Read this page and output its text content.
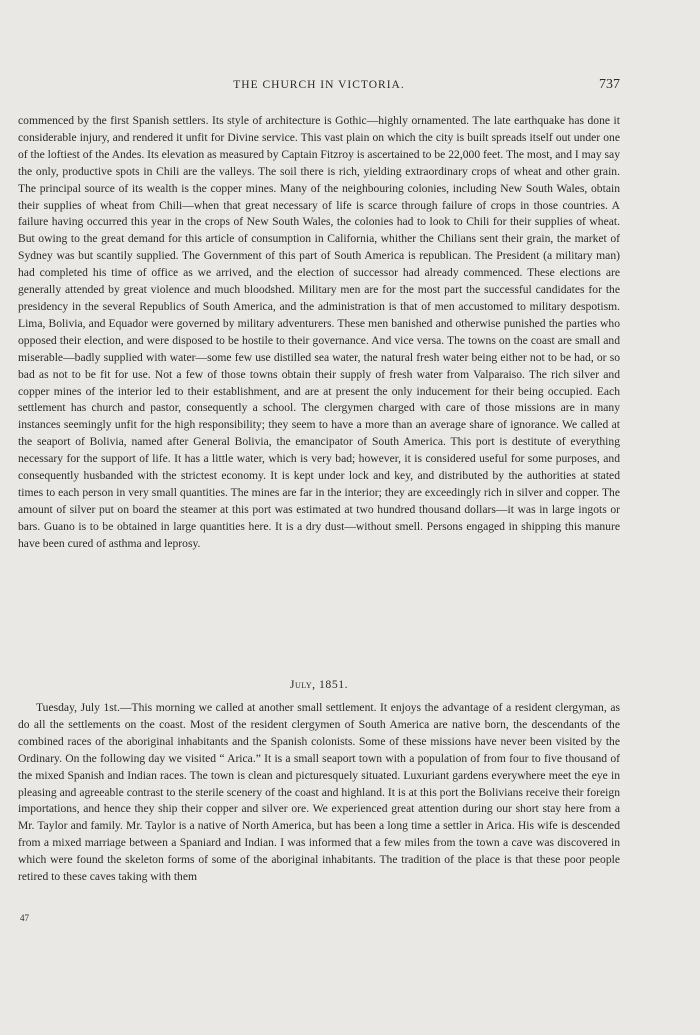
THE CHURCH IN VICTORIA.	737

commenced by the first Spanish settlers. Its style of architecture is Gothic—highly ornamented. The late earthquake has done it considerable injury, and rendered it unfit for Divine service. This vast plain on which the city is built spreads itself out under one of the loftiest of the Andes. Its elevation as measured by Captain Fitzroy is ascertained to be 22,000 feet. The most, and I may say the only, productive spots in Chili are the valleys. The soil there is rich, yielding extraordinary crops of wheat and other grain. The principal source of its wealth is the copper mines. Many of the neighbouring colonies, including New South Wales, obtain their supplies of wheat from Chili—when that great necessary of life is scarce through failure of crops in those countries. A failure having occurred this year in the crops of New South Wales, the colonies had to look to Chili for their supplies of wheat. But owing to the great demand for this article of consumption in California, whither the Chilians sent their grain, the market of Sydney was but scantily supplied. The Government of this part of South America is republican. The President (a military man) had completed his time of office as we arrived, and the election of successor had already commenced. These elections are generally attended by great violence and much bloodshed. Military men are for the most part the successful candidates for the presidency in the several Republics of South America, and the administration is that of men accustomed to military despotism. Lima, Bolivia, and Equador were governed by military adventurers. These men banished and otherwise punished the parties who opposed their election, and were disposed to be hostile to their governance. And vice versa. The towns on the coast are small and miserable—badly supplied with water—some few use distilled sea water, the natural fresh water being either not to be had, or so bad as not to be fit for use. Not a few of those towns obtain their supply of fresh water from Valparaiso. The rich silver and copper mines of the interior led to their establishment, and are at present the only inducement for their being occupied. Each settlement has church and pastor, consequently a school. The clergymen charged with care of those missions are in many instances seemingly unfit for the high responsibility; they seem to have a more than an average share of ignorance. We called at the seaport of Bolivia, named after General Bolivia, the emancipator of South America. This port is destitute of everything necessary for the support of life. It has a little water, which is very bad; however, it is considered useful for some purposes, and consequently husbanded with the strictest economy. It is kept under lock and key, and distributed by the authorities at stated times to each person in very small quantities. The mines are far in the interior; they are exceedingly rich in silver and copper. The amount of silver put on board the steamer at this port was estimated at two hundred thousand dollars—it was in large ingots or bars. Guano is to be obtained in large quantities here. It is a dry dust—without smell. Persons engaged in shipping this manure have been cured of asthma and leprosy.

July, 1851.

Tuesday, July 1st.—This morning we called at another small settlement. It enjoys the advantage of a resident clergyman, as do all the settlements on the coast. Most of the resident clergymen of South America are native born, the descendants of the combined races of the aboriginal inhabitants and the Spanish colonists. Some of these missions have never been visited by the Ordinary. On the following day we visited “ Arica.” It is a small seaport town with a population of from four to five thousand of the mixed Spanish and Indian races. The town is clean and picturesquely situated. Luxuriant gardens everywhere meet the eye in pleasing and agreeable contrast to the sterile scenery of the coast and highland. It is at this port the Bolivians receive their foreign importations, and hence they ship their copper and silver ore. We experienced great attention during our short stay here from a Mr. Taylor and family. Mr. Taylor is a native of North America, but has been a long time a settler in Arica. His wife is descended from a mixed marriage between a Spaniard and Indian. I was informed that a few miles from the town a cave was discovered in which were found the skeleton forms of some of the aboriginal inhabitants. The tradition of the place is that these poor people retired to these caves taking with them

47
